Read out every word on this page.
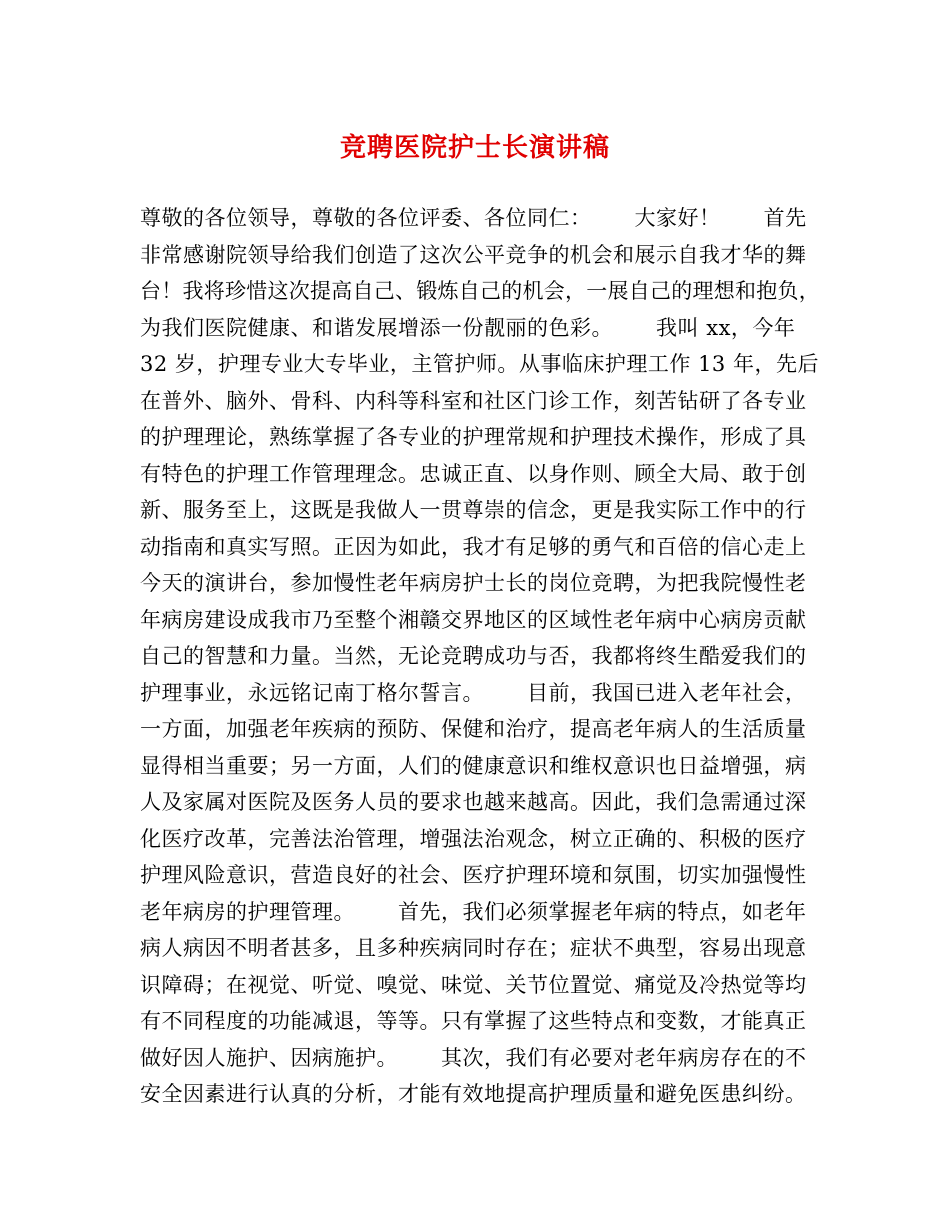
竞聘医院护士长演讲稿
尊敬的各位领导，尊敬的各位评委、各位同仁：      大家好！      首先
非常感谢院领导给我们创造了这次公平竞争的机会和展示自我才华的舞
台！我将珍惜这次提高自己、锻炼自己的机会，一展自己的理想和抱负，
为我们医院健康、和谐发展增添一份靓丽的色彩。      我叫 xx，今年
32 岁，护理专业大专毕业，主管护师。从事临床护理工作 13 年，先后
在普外、脑外、骨科、内科等科室和社区门诊工作，刻苦钻研了各专业
的护理理论，熟练掌握了各专业的护理常规和护理技术操作，形成了具
有特色的护理工作管理理念。忠诚正直、以身作则、顾全大局、敢于创
新、服务至上，这既是我做人一贯尊崇的信念，更是我实际工作中的行
动指南和真实写照。正因为如此，我才有足够的勇气和百倍的信心走上
今天的演讲台，参加慢性老年病房护士长的岗位竞聘，为把我院慢性老
年病房建设成我市乃至整个湘赣交界地区的区域性老年病中心病房贡献
自己的智慧和力量。当然，无论竞聘成功与否，我都将终生酷爱我们的
护理事业，永远铭记南丁格尔誓言。      目前，我国已进入老年社会，
一方面，加强老年疾病的预防、保健和治疗，提高老年病人的生活质量
显得相当重要；另一方面，人们的健康意识和维权意识也日益增强，病
人及家属对医院及医务人员的要求也越来越高。因此，我们急需通过深
化医疗改革，完善法治管理，增强法治观念，树立正确的、积极的医疗
护理风险意识，营造良好的社会、医疗护理环境和氛围，切实加强慢性
老年病房的护理管理。      首先，我们必须掌握老年病的特点，如老年
病人病因不明者甚多，且多种疾病同时存在；症状不典型，容易出现意
识障碍；在视觉、听觉、嗅觉、味觉、关节位置觉、痛觉及冷热觉等均
有不同程度的功能减退，等等。只有掌握了这些特点和变数，才能真正
做好因人施护、因病施护。      其次，我们有必要对老年病房存在的不
安全因素进行认真的分析，才能有效地提高护理质量和避免医患纠纷。
